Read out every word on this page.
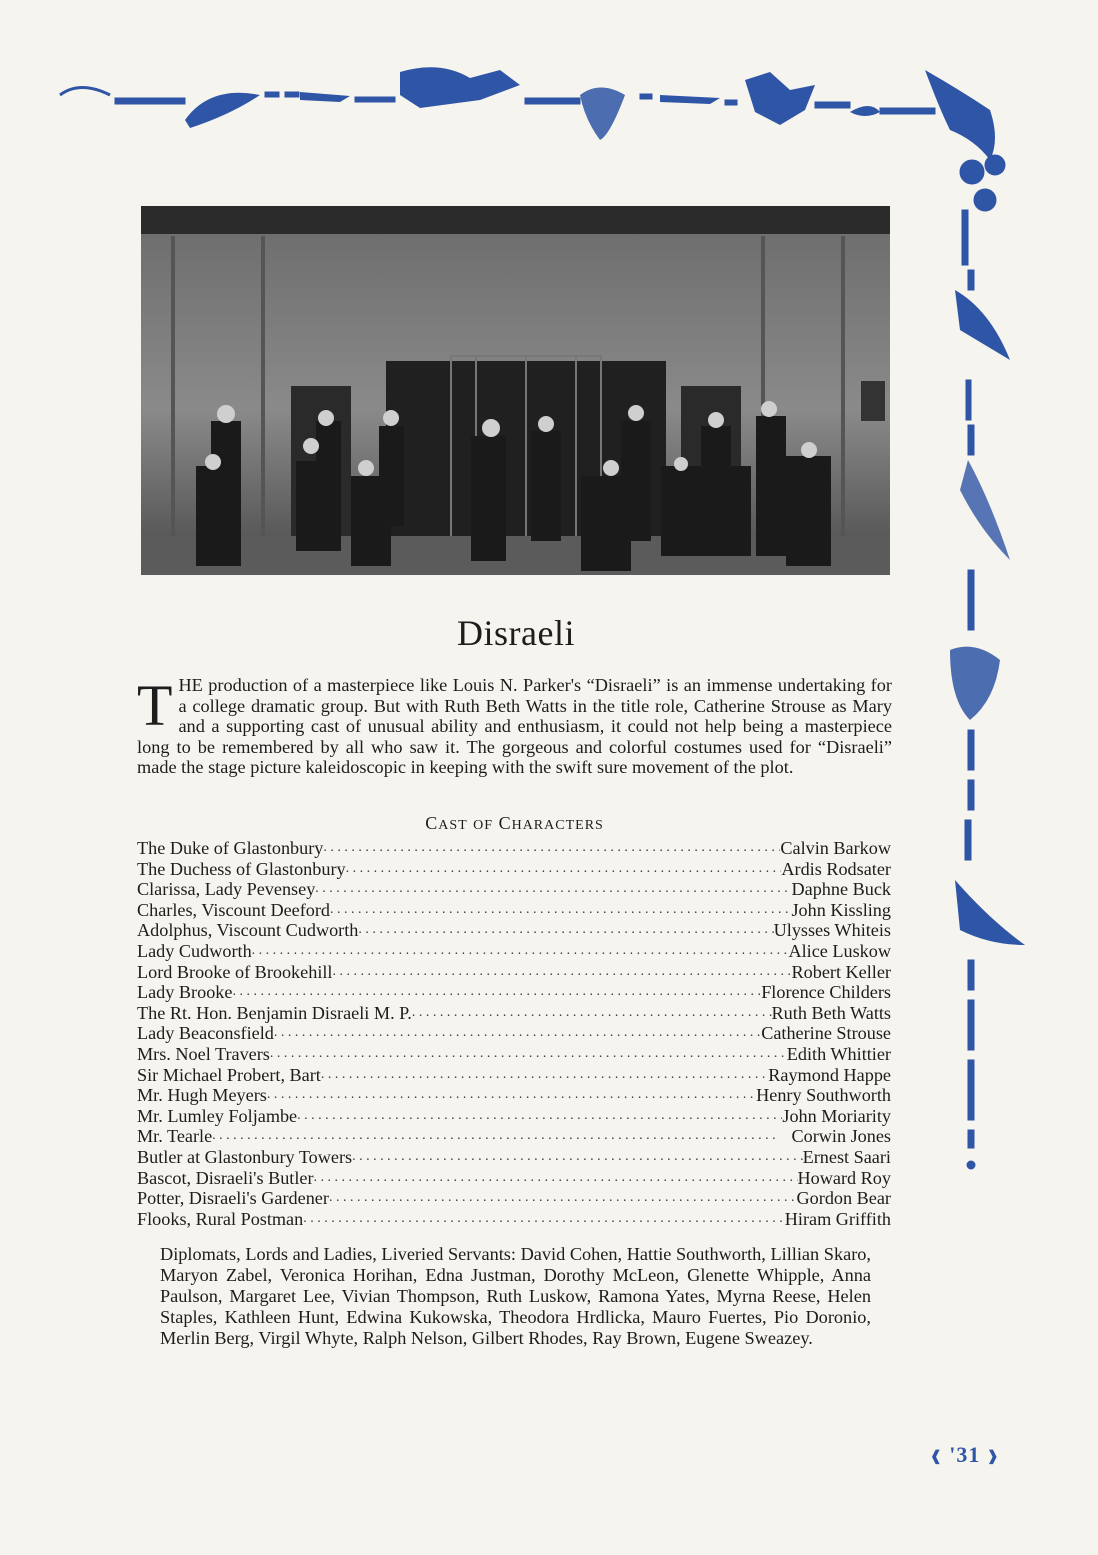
Disraeli
THE production of a masterpiece like Louis N. Parker's “Disraeli” is an immense undertaking for a college dramatic group. But with Ruth Beth Watts in the title role, Catherine Strouse as Mary and a supporting cast of unusual ability and enthusiasm, it could not help being a masterpiece long to be remembered by all who saw it. The gorgeous and colorful costumes used for “Disraeli” made the stage picture kaleidoscopic in keeping with the swift sure movement of the plot.
CAST OF CHARACTERS
The Duke of Glastonbury . . .	Calvin Barkow
The Duchess of Glastonbury . . .	Ardis Rodsater
Clarissa, Lady Pevensey . . .	Daphne Buck
Charles, Viscount Deeford . . .	John Kissling
Adolphus, Viscount Cudworth . . .	Ulysses Whiteis
Lady Cudworth . . .	Alice Luskow
Lord Brooke of Brookehill . . .	Robert Keller
Lady Brooke . . .	Florence Childers
The Rt. Hon. Benjamin Disraeli M. P. . . .	Ruth Beth Watts
Lady Beaconsfield . . .	Catherine Strouse
Mrs. Noel Travers . . .	Edith Whittier
Sir Michael Probert, Bart . . .	Raymond Happe
Mr. Hugh Meyers . . .	Henry Southworth
Mr. Lumley Foljambe . . .	John Moriarity
Mr. Tearle . . .	Corwin Jones
Butler at Glastonbury Towers . . .	Ernest Saari
Bascot, Disraeli's Butler . . .	Howard Roy
Potter, Disraeli's Gardener . . .	Gordon Bear
Flooks, Rural Postman . . .	Hiram Griffith
Diplomats, Lords and Ladies, Liveried Servants: David Cohen, Hattie Southworth, Lillian Skaro, Maryon Zabel, Veronica Horihan, Edna Justman, Dorothy McLeon, Glenette Whipple, Anna Paulson, Margaret Lee, Vivian Thompson, Ruth Luskow, Ramona Yates, Myrna Reese, Helen Staples, Kathleen Hunt, Edwina Kukowska, Theodora Hrdlicka, Mauro Fuertes, Pio Doronio, Merlin Berg, Virgil Whyte, Ralph Nelson, Gilbert Rhodes, Ray Brown, Eugene Sweazey.
❰ '31 ❱
